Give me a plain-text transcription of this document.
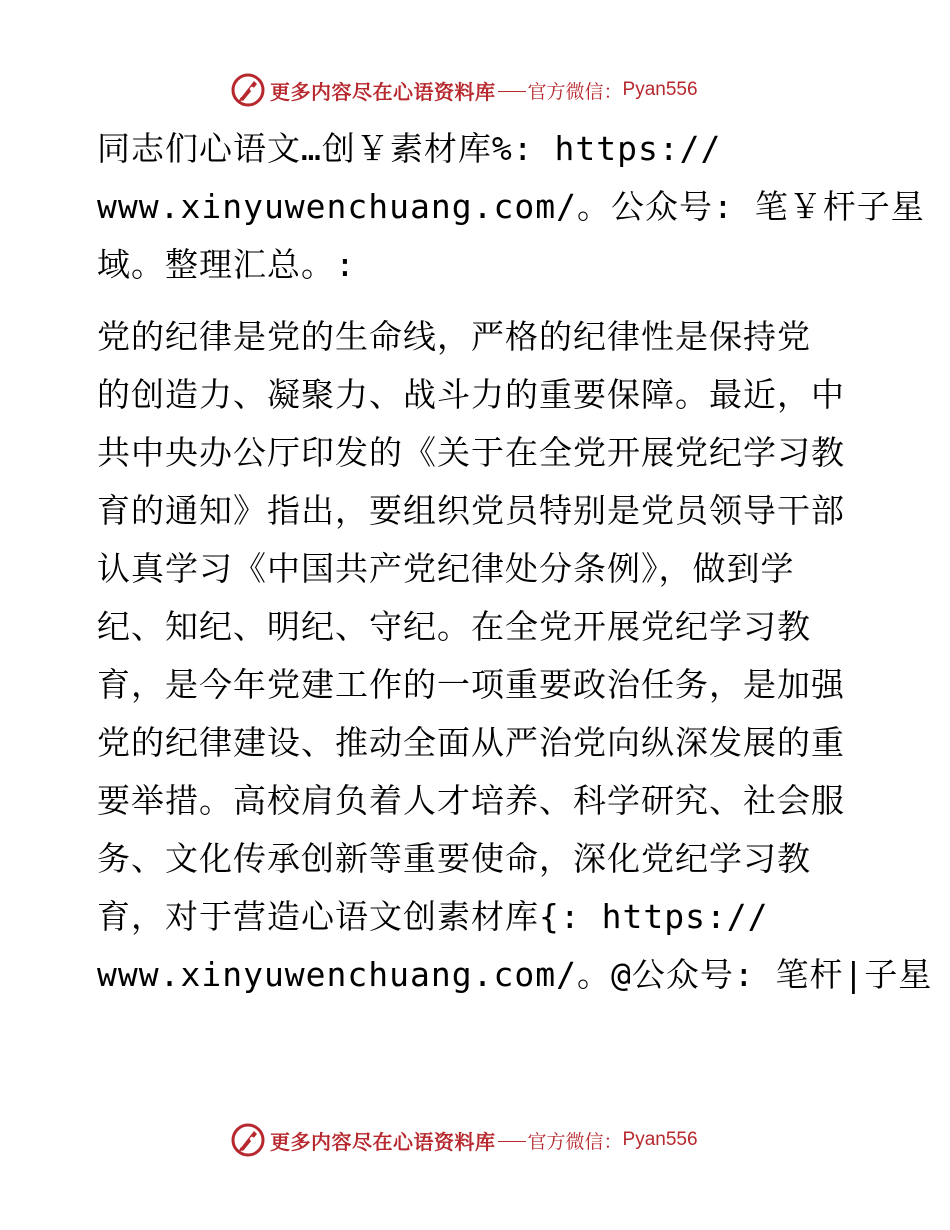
更多内容尽在心语资料库 官方微信： Pyan556

同志们心语文…创￥素材库%: https://
www.xinyuwenchuang.com/。公众号: 笔￥杆子星
域。整理汇总。:

党的纪律是党的生命线，严格的纪律性是保持党
的创造力、凝聚力、战斗力的重要保障。最近，中
共中央办公厅印发的《关于在全党开展党纪学习教
育的通知》指出，要组织党员特别是党员领导干部
认真学习《中国共产党纪律处分条例》，做到学
纪、知纪、明纪、守纪。在全党开展党纪学习教
育，是今年党建工作的一项重要政治任务，是加强
党的纪律建设、推动全面从严治党向纵深发展的重
要举措。高校肩负着人才培养、科学研究、社会服
务、文化传承创新等重要使命，深化党纪学习教
育，对于营造心语文创素材库{: https://
www.xinyuwenchuang.com/。@公众号: 笔杆|子星

更多内容尽在心语资料库 官方微信： Pyan556
